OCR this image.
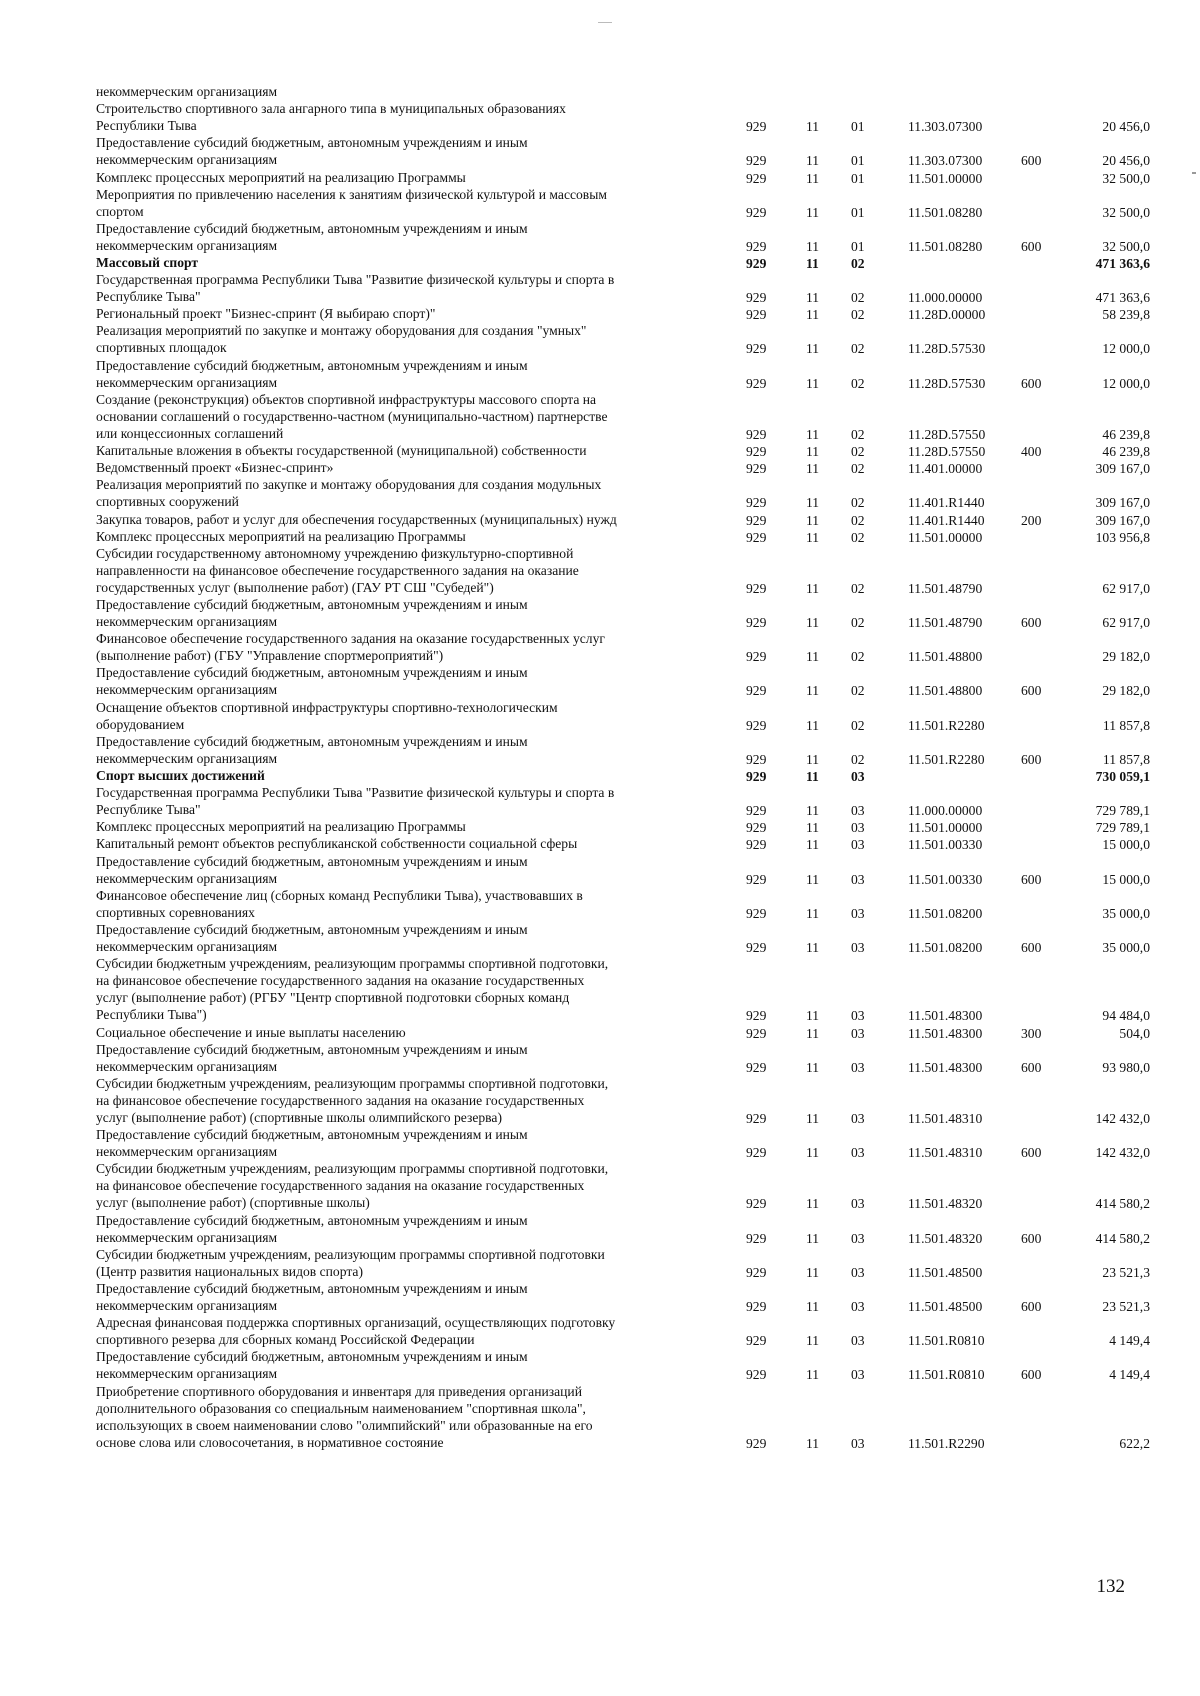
некоммерческим организациям
Строительство спортивного зала ангарного типа в муниципальных образованиях
Республики Тыва	929	11 01	11.303.07300	20 456,0
Предоставление субсидий бюджетным, автономным учреждениям и иным
некоммерческим организациям	929	11 01	11.303.07300	600	20 456,0
Комплекс процессных мероприятий на реализацию Программы	929	11 01	11.501.00000	32 500,0
Мероприятия по привлечению населения к занятиям физической культурой и массовым
спортом	929	11 01	11.501.08280	32 500,0
Предоставление субсидий бюджетным, автономным учреждениям и иным
некоммерческим организациям	929	11 01	11.501.08280	600	32 500,0
Массовый спорт	929	11 02	471 363,6
Государственная программа Республики Тыва "Развитие физической культуры и спорта в
Республике Тыва"	929	11 02	11.000.00000	471 363,6
Региональный проект "Бизнес-спринт (Я выбираю спорт)"	929	11 02	11.28D.00000	58 239,8
Реализация мероприятий по закупке и монтажу оборудования для создания "умных"
спортивных площадок	929	11 02	11.28D.57530	12 000,0
Предоставление субсидий бюджетным, автономным учреждениям и иным
некоммерческим организациям	929	11 02	11.28D.57530	600	12 000,0
Создание (реконструкция) объектов спортивной инфраструктуры массового спорта на
основании соглашений о государственно-частном (муниципально-частном) партнерстве
или концессионных соглашений	929	11 02	11.28D.57550	46 239,8
Капитальные вложения в объекты государственной (муниципальной) собственности	929	11 02	11.28D.57550	400	46 239,8
Ведомственный проект «Бизнес-спринт»	929	11 02	11.401.00000	309 167,0
Реализация мероприятий по закупке и монтажу оборудования для создания модульных
спортивных сооружений	929	11 02	11.401.R1440	309 167,0
Закупка товаров, работ и услуг для обеспечения государственных (муниципальных) нужд	929	11 02	11.401.R1440	200	309 167,0
Комплекс процессных мероприятий на реализацию Программы	929	11 02	11.501.00000	103 956,8
Субсидии государственному автономному учреждению физкультурно-спортивной
направленности на финансовое обеспечение государственного задания на оказание
государственных услуг (выполнение работ) (ГАУ РТ СШ "Субедей")	929	11 02	11.501.48790	62 917,0
Предоставление субсидий бюджетным, автономным учреждениям и иным
некоммерческим организациям	929	11 02	11.501.48790	600	62 917,0
Финансовое обеспечение государственного задания на оказание государственных услуг
(выполнение работ) (ГБУ "Управление спортмероприятий")	929	11 02	11.501.48800	29 182,0
Предоставление субсидий бюджетным, автономным учреждениям и иным
некоммерческим организациям	929	11 02	11.501.48800	600	29 182,0
Оснащение объектов спортивной инфраструктуры спортивно-технологическим
оборудованием	929	11 02	11.501.R2280	11 857,8
Предоставление субсидий бюджетным, автономным учреждениям и иным
некоммерческим организациям	929	11 02	11.501.R2280	600	11 857,8
Спорт высших достижений	929	11 03	730 059,1
Государственная программа Республики Тыва "Развитие физической культуры и спорта в
Республике Тыва"	929	11 03	11.000.00000	729 789,1
Комплекс процессных мероприятий на реализацию Программы	929	11 03	11.501.00000	729 789,1
Капитальный ремонт объектов республиканской собственности социальной сферы	929	11 03	11.501.00330	15 000,0
Предоставление субсидий бюджетным, автономным учреждениям и иным
некоммерческим организациям	929	11 03	11.501.00330	600	15 000,0
Финансовое обеспечение лиц (сборных команд Республики Тыва), участвовавших в
спортивных соревнованиях	929	11 03	11.501.08200	35 000,0
Предоставление субсидий бюджетным, автономным учреждениям и иным
некоммерческим организациям	929	11 03	11.501.08200	600	35 000,0
Субсидии бюджетным учреждениям, реализующим программы спортивной подготовки,
на финансовое обеспечение государственного задания на оказание государственных
услуг (выполнение работ) (РГБУ "Центр спортивной подготовки сборных команд
Республики Тыва")	929	11 03	11.501.48300	94 484,0
Социальное обеспечение и иные выплаты населению	929	11 03	11.501.48300	300	504,0
Предоставление субсидий бюджетным, автономным учреждениям и иным
некоммерческим организациям	929	11 03	11.501.48300	600	93 980,0
Субсидии бюджетным учреждениям, реализующим программы спортивной подготовки,
на финансовое обеспечение государственного задания на оказание государственных
услуг (выполнение работ) (спортивные школы олимпийского резерва)	929	11 03	11.501.48310	142 432,0
Предоставление субсидий бюджетным, автономным учреждениям и иным
некоммерческим организациям	929	11 03	11.501.48310	600	142 432,0
Субсидии бюджетным учреждениям, реализующим программы спортивной подготовки,
на финансовое обеспечение государственного задания на оказание государственных
услуг (выполнение работ) (спортивные школы)	929	11 03	11.501.48320	414 580,2
Предоставление субсидий бюджетным, автономным учреждениям и иным
некоммерческим организациям	929	11 03	11.501.48320	600	414 580,2
Субсидии бюджетным учреждениям, реализующим программы спортивной подготовки
(Центр развития национальных видов спорта)	929	11 03	11.501.48500	23 521,3
Предоставление субсидий бюджетным, автономным учреждениям и иным
некоммерческим организациям	929	11 03	11.501.48500	600	23 521,3
Адресная финансовая поддержка спортивных организаций, осуществляющих подготовку
спортивного резерва для сборных команд Российской Федерации	929	11 03	11.501.R0810	4 149,4
Предоставление субсидий бюджетным, автономным учреждениям и иным
некоммерческим организациям	929	11 03	11.501.R0810	600	4 149,4
Приобретение спортивного оборудования и инвентаря для приведения организаций
дополнительного образования со специальным наименованием "спортивная школа",
использующих в своем наименовании слово "олимпийский" или образованные на его
основе слова или словосочетания, в нормативное состояние	929	11 03	11.501.R2290	622,2
132
